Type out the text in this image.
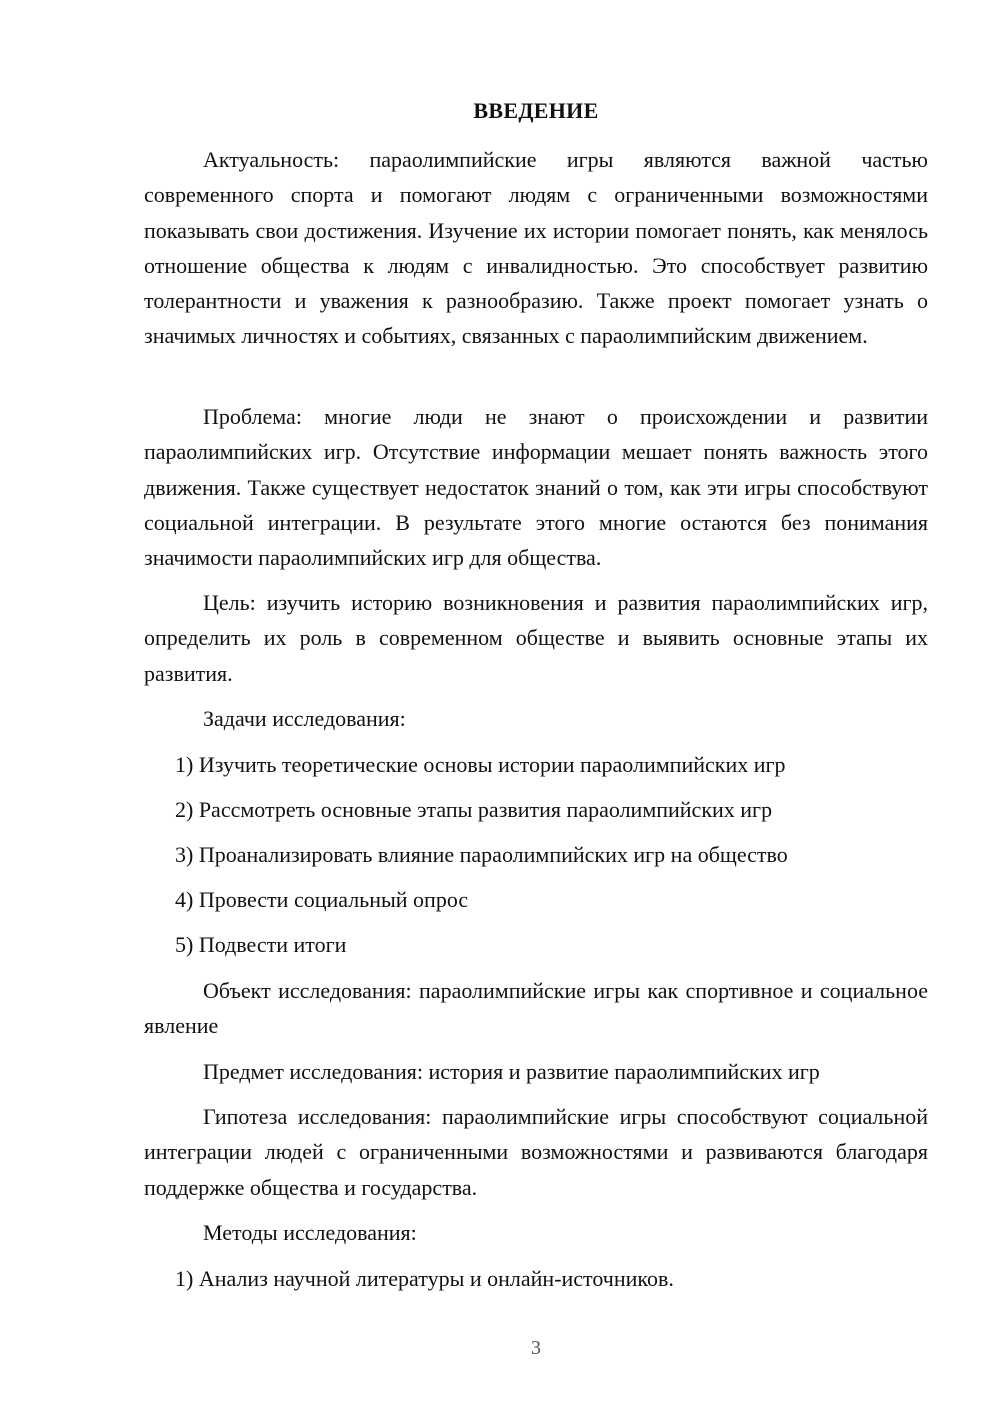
ВВЕДЕНИЕ

Актуальность: параолимпийские игры являются важной частью современного спорта и помогают людям с ограниченными возможностями показывать свои достижения. Изучение их истории помогает понять, как менялось отношение общества к людям с инвалидностью. Это способствует развитию толерантности и уважения к разнообразию. Также проект помогает узнать о значимых личностях и событиях, связанных с параолимпийским движением.

Проблема: многие люди не знают о происхождении и развитии параолимпийских игр. Отсутствие информации мешает понять важность этого движения. Также существует недостаток знаний о том, как эти игры способствуют социальной интеграции. В результате этого многие остаются без понимания значимости параолимпийских игр для общества.

Цель: изучить историю возникновения и развития параолимпийских игр, определить их роль в современном обществе и выявить основные этапы их развития.

Задачи исследования:

1) Изучить теоретические основы истории параолимпийских игр

2) Рассмотреть основные этапы развития параолимпийских игр

3) Проанализировать влияние параолимпийских игр на общество

4) Провести социальный опрос

5) Подвести итоги

Объект исследования: параолимпийские игры как спортивное и социальное явление

Предмет исследования: история и развитие параолимпийских игр

Гипотеза исследования: параолимпийские игры способствуют социальной интеграции людей с ограниченными возможностями и развиваются благодаря поддержке общества и государства.

Методы исследования:

1) Анализ научной литературы и онлайн-источников.

3
